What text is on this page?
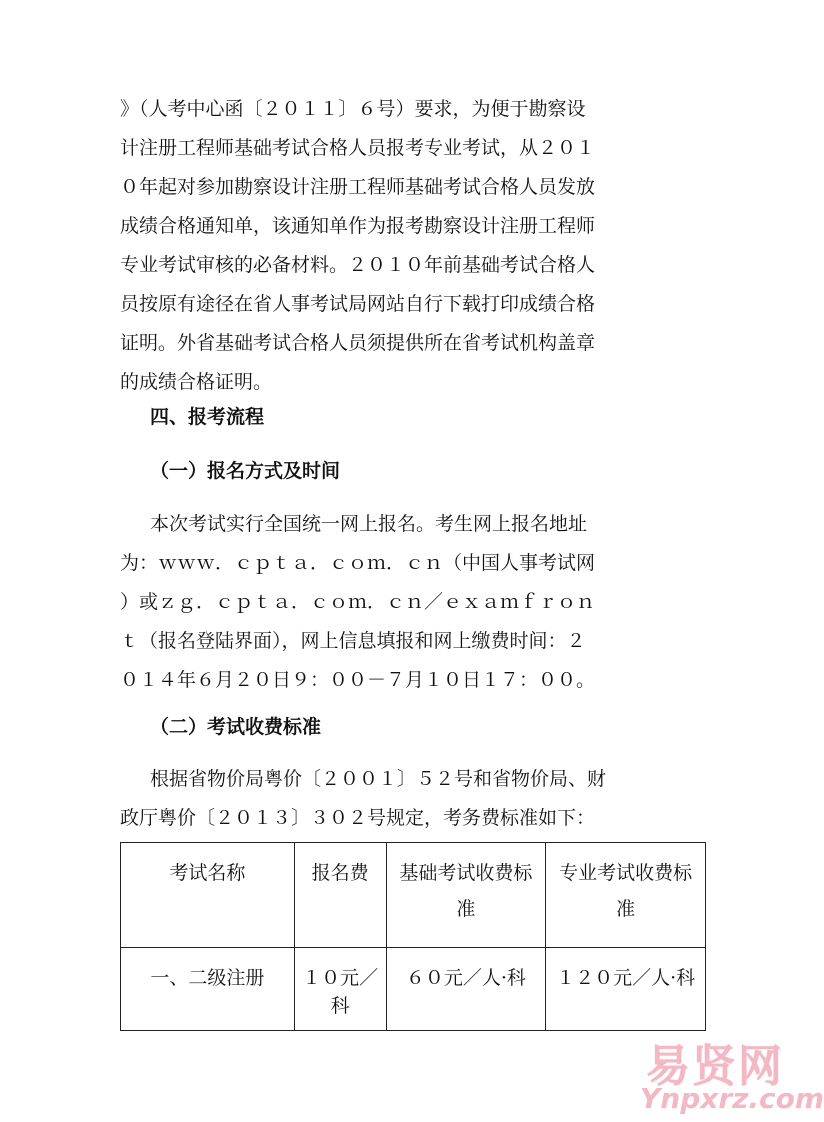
》（人考中心函〔２０１１〕６号）要求，为便于勘察设
计注册工程师基础考试合格人员报考专业考试，从２０１
０年起对参加勘察设计注册工程师基础考试合格人员发放
成绩合格通知单，该通知单作为报考勘察设计注册工程师
专业考试审核的必备材料。２０１０年前基础考试合格人
员按原有途径在省人事考试局网站自行下载打印成绩合格
证明。外省基础考试合格人员须提供所在省考试机构盖章
的成绩合格证明。
四、报考流程
（一）报名方式及时间
本次考试实行全国统一网上报名。考生网上报名地址
为：ｗｗｗ．ｃｐｔａ．ｃｏｍ．ｃｎ（中国人事考试网
）或ｚｇ．ｃｐｔａ．ｃｏｍ．ｃｎ／ｅｘａｍｆｒｏｎ
ｔ（报名登陆界面），网上信息填报和网上缴费时间：２
０１４年６月２０日９：００－７月１０日１７：００。
（二）考试收费标准
根据省物价局粤价〔２００１〕５２号和省物价局、财
政厅粤价〔２０１３〕３０２号规定，考务费标准如下：
考试名称	报名费	基础考试收费标准	专业考试收费标准

一、二级注册	１０元／科	６０元／人·科	１２０元／人·科
易贤网
Ynpxrz.com
